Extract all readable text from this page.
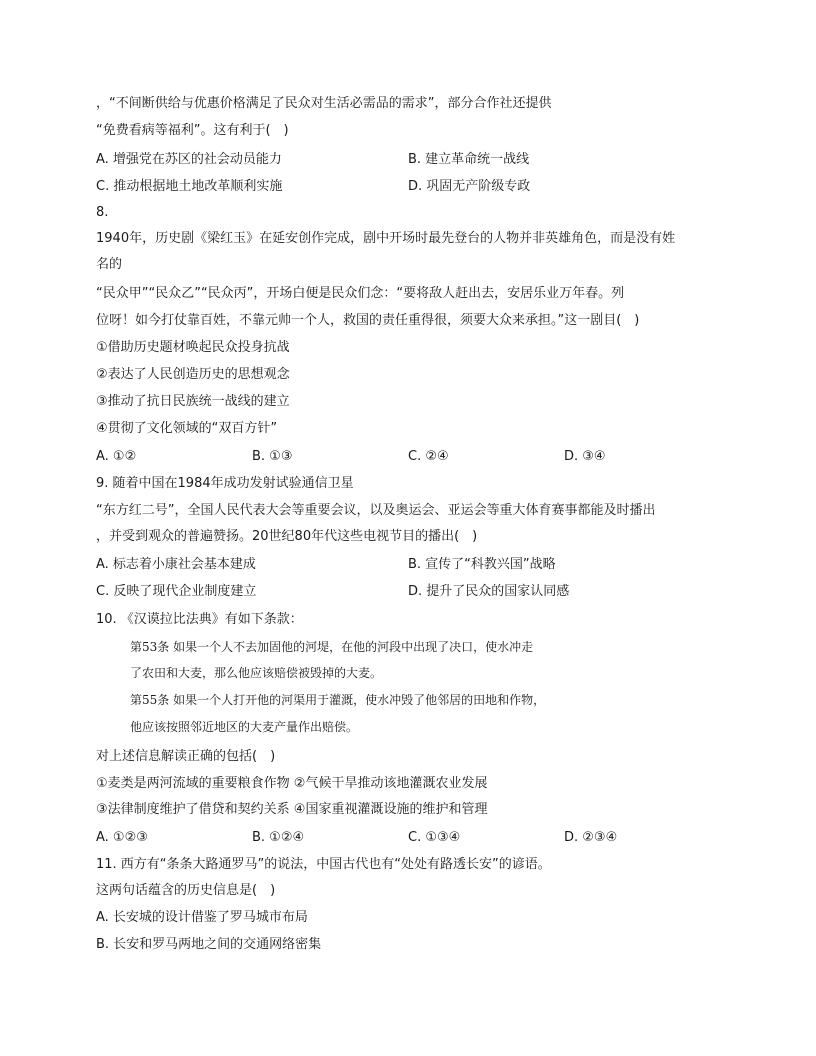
，“不间断供给与优惠价格满足了民众对生活必需品的需求”，部分合作社还提供
“免费看病等福利”。这有利于(　)
A. 增强党在苏区的社会动员能力	B. 建立革命统一战线
C. 推动根据地土地改革顺利实施	D. 巩固无产阶级专政
8.
1940年，历史剧《梁红玉》在延安创作完成，剧中开场时最先登台的人物并非英雄角色，而是没有姓
名的
“民众甲”“民众乙”“民众丙”，开场白便是民众们念：“要将敌人赶出去，安居乐业万年春。列
位呀！如今打仗靠百姓，不靠元帅一个人，救国的责任重得很，须要大众来承担。”这一剧目(　)
①借助历史题材唤起民众投身抗战
②表达了人民创造历史的思想观念
③推动了抗日民族统一战线的建立
④贯彻了文化领域的“双百方针”
A. ①②	B. ①③	C. ②④	D. ③④
9. 随着中国在1984年成功发射试验通信卫星
“东方红二号”，全国人民代表大会等重要会议，以及奥运会、亚运会等重大体育赛事都能及时播出
，并受到观众的普遍赞扬。20世纪80年代这些电视节目的播出(　)
A. 标志着小康社会基本建成	B. 宣传了“科教兴国”战略
C. 反映了现代企业制度建立	D. 提升了民众的国家认同感
10. 《汉谟拉比法典》有如下条款：
第53条 如果一个人不去加固他的河堤，在他的河段中出现了决口，使水冲走
了农田和大麦，那么他应该赔偿被毁掉的大麦。
第55条 如果一个人打开他的河渠用于灌溉，使水冲毁了他邻居的田地和作物，
他应该按照邻近地区的大麦产量作出赔偿。
对上述信息解读正确的包括(　)
①麦类是两河流域的重要粮食作物 ②气候干旱推动该地灌溉农业发展
③法律制度维护了借贷和契约关系 ④国家重视灌溉设施的维护和管理
A. ①②③	B. ①②④	C. ①③④	D. ②③④
11. 西方有“条条大路通罗马”的说法，中国古代也有“处处有路透长安”的谚语。
这两句话蕴含的历史信息是(　)
A. 长安城的设计借鉴了罗马城市布局
B. 长安和罗马两地之间的交通网络密集
